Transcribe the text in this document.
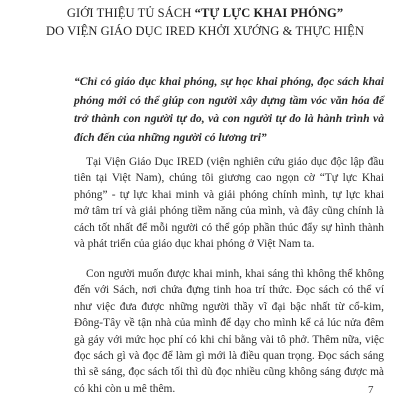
GIỚI THIỆU TỦ SÁCH “TỰ LỰC KHAI PHÓNG”
DO VIỆN GIÁO DỤC IRED KHỞI XƯỚNG & THỰC HIỆN
“Chỉ có giáo dục khai phóng, sự học khai phóng, đọc sách khai phóng mới có thể giúp con người xây dựng tầm vóc văn hóa để trở thành con người tự do, và con người tự do là hành trình và đích đến của những người có lương tri”

Tại Viện Giáo Dục IRED (viện nghiên cứu giáo dục độc lập đầu tiên tại Việt Nam), chúng tôi giương cao ngọn cờ “Tự lực Khai phóng” - tự lực khai minh và giải phóng chính mình, tự lực khai mở tâm trí và giải phóng tiềm năng của mình, và đây cũng chính là cách tốt nhất để mỗi người có thể góp phần thúc đẩy sự hình thành và phát triển của giáo dục khai phóng ở Việt Nam ta.

Con người muốn được khai minh, khai sáng thì không thể không đến với Sách, nơi chứa đựng tinh hoa trí thức. Đọc sách có thể ví như việc đưa được những người thầy vĩ đại bậc nhất từ cổ-kim, Đông-Tây về tận nhà của mình để dạy cho mình kể cả lúc nửa đêm gà gáy với mức học phí có khi chỉ bằng vài tô phở. Thêm nữa, việc đọc sách gì và đọc để làm gì mới là điều quan trọng. Đọc sách sáng thì sẽ sáng, đọc sách tối thì dù đọc nhiều cũng không sáng được mà có khi còn u mê thêm.	7
